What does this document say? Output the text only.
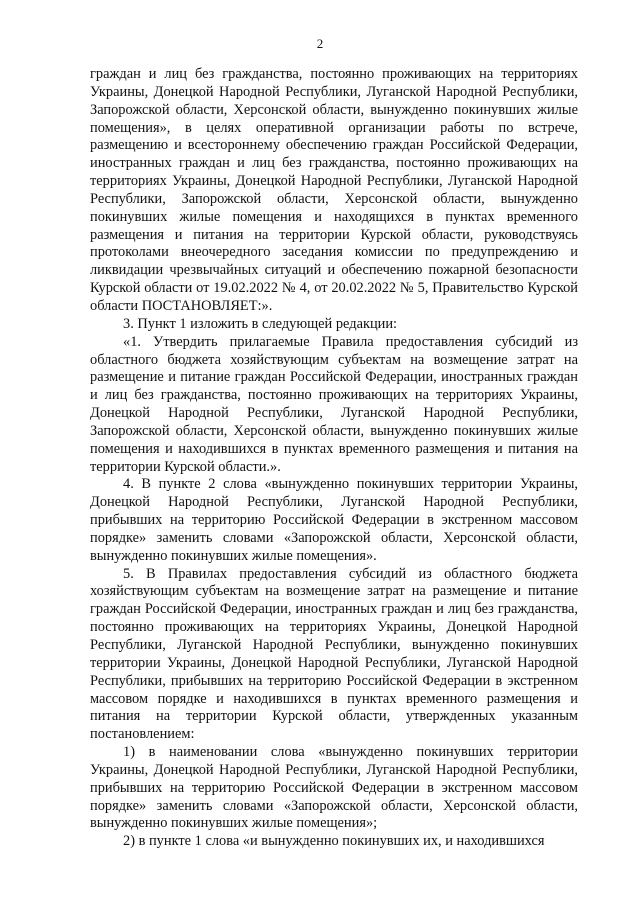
2

граждан и лиц без гражданства, постоянно проживающих на территориях Украины, Донецкой Народной Республики, Луганской Народной Республики, Запорожской области, Херсонской области, вынужденно покинувших жилые помещения», в целях оперативной организации работы по встрече, размещению и всестороннему обеспечению граждан Российской Федерации, иностранных граждан и лиц без гражданства, постоянно проживающих на территориях Украины, Донецкой Народной Республики, Луганской Народной Республики, Запорожской области, Херсонской области, вынужденно покинувших жилые помещения и находящихся в пунктах временного размещения и питания на территории Курской области, руководствуясь протоколами внеочередного заседания комиссии по предупреждению и ликвидации чрезвычайных ситуаций и обеспечению пожарной безопасности Курской области от 19.02.2022 № 4, от 20.02.2022 № 5, Правительство Курской области ПОСТАНОВЛЯЕТ:».

3. Пункт 1 изложить в следующей редакции:

«1. Утвердить прилагаемые Правила предоставления субсидий из областного бюджета хозяйствующим субъектам на возмещение затрат на размещение и питание граждан Российской Федерации, иностранных граждан и лиц без гражданства, постоянно проживающих на территориях Украины, Донецкой Народной Республики, Луганской Народной Республики, Запорожской области, Херсонской области, вынужденно покинувших жилые помещения и находившихся в пунктах временного размещения и питания на территории Курской области.».

4. В пункте 2 слова «вынужденно покинувших территории Украины, Донецкой Народной Республики, Луганской Народной Республики, прибывших на территорию Российской Федерации в экстренном массовом порядке» заменить словами «Запорожской области, Херсонской области, вынужденно покинувших жилые помещения».

5. В Правилах предоставления субсидий из областного бюджета хозяйствующим субъектам на возмещение затрат на размещение и питание граждан Российской Федерации, иностранных граждан и лиц без гражданства, постоянно проживающих на территориях Украины, Донецкой Народной Республики, Луганской Народной Республики, вынужденно покинувших территории Украины, Донецкой Народной Республики, Луганской Народной Республики, прибывших на территорию Российской Федерации в экстренном массовом порядке и находившихся в пунктах временного размещения и питания на территории Курской области, утвержденных указанным постановлением:

1) в наименовании слова «вынужденно покинувших территории Украины, Донецкой Народной Республики, Луганской Народной Республики, прибывших на территорию Российской Федерации в экстренном массовом порядке» заменить словами «Запорожской области, Херсонской области, вынужденно покинувших жилые помещения»;

2) в пункте 1 слова «и вынужденно покинувших их, и находившихся
